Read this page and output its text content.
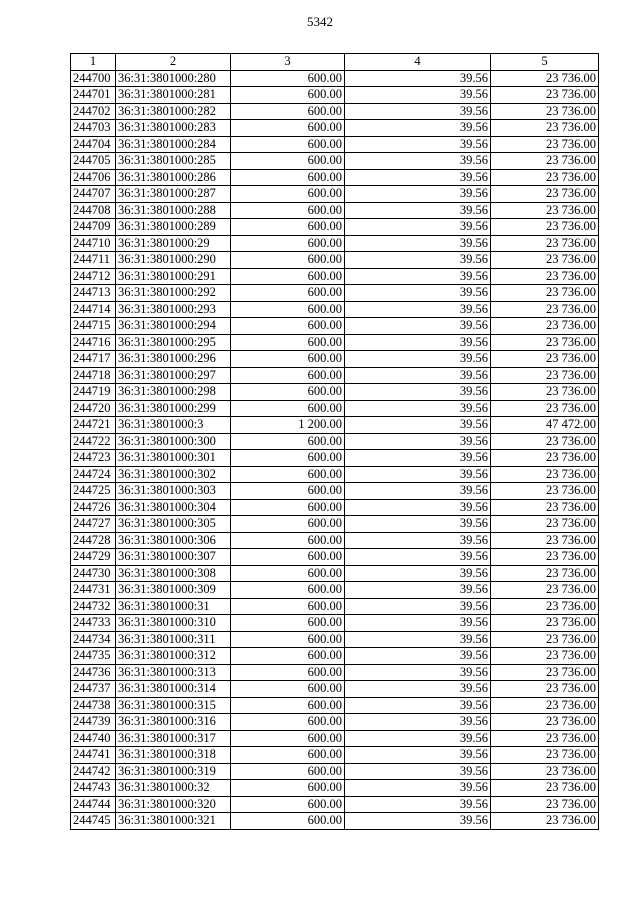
5342
1	2	3	4	5
244700	36:31:3801000:280	600.00	39.56	23 736.00
244701	36:31:3801000:281	600.00	39.56	23 736.00
244702	36:31:3801000:282	600.00	39.56	23 736.00
244703	36:31:3801000:283	600.00	39.56	23 736.00
244704	36:31:3801000:284	600.00	39.56	23 736.00
244705	36:31:3801000:285	600.00	39.56	23 736.00
244706	36:31:3801000:286	600.00	39.56	23 736.00
244707	36:31:3801000:287	600.00	39.56	23 736.00
244708	36:31:3801000:288	600.00	39.56	23 736.00
244709	36:31:3801000:289	600.00	39.56	23 736.00
244710	36:31:3801000:29	600.00	39.56	23 736.00
244711	36:31:3801000:290	600.00	39.56	23 736.00
244712	36:31:3801000:291	600.00	39.56	23 736.00
244713	36:31:3801000:292	600.00	39.56	23 736.00
244714	36:31:3801000:293	600.00	39.56	23 736.00
244715	36:31:3801000:294	600.00	39.56	23 736.00
244716	36:31:3801000:295	600.00	39.56	23 736.00
244717	36:31:3801000:296	600.00	39.56	23 736.00
244718	36:31:3801000:297	600.00	39.56	23 736.00
244719	36:31:3801000:298	600.00	39.56	23 736.00
244720	36:31:3801000:299	600.00	39.56	23 736.00
244721	36:31:3801000:3	1 200.00	39.56	47 472.00
244722	36:31:3801000:300	600.00	39.56	23 736.00
244723	36:31:3801000:301	600.00	39.56	23 736.00
244724	36:31:3801000:302	600.00	39.56	23 736.00
244725	36:31:3801000:303	600.00	39.56	23 736.00
244726	36:31:3801000:304	600.00	39.56	23 736.00
244727	36:31:3801000:305	600.00	39.56	23 736.00
244728	36:31:3801000:306	600.00	39.56	23 736.00
244729	36:31:3801000:307	600.00	39.56	23 736.00
244730	36:31:3801000:308	600.00	39.56	23 736.00
244731	36:31:3801000:309	600.00	39.56	23 736.00
244732	36:31:3801000:31	600.00	39.56	23 736.00
244733	36:31:3801000:310	600.00	39.56	23 736.00
244734	36:31:3801000:311	600.00	39.56	23 736.00
244735	36:31:3801000:312	600.00	39.56	23 736.00
244736	36:31:3801000:313	600.00	39.56	23 736.00
244737	36:31:3801000:314	600.00	39.56	23 736.00
244738	36:31:3801000:315	600.00	39.56	23 736.00
244739	36:31:3801000:316	600.00	39.56	23 736.00
244740	36:31:3801000:317	600.00	39.56	23 736.00
244741	36:31:3801000:318	600.00	39.56	23 736.00
244742	36:31:3801000:319	600.00	39.56	23 736.00
244743	36:31:3801000:32	600.00	39.56	23 736.00
244744	36:31:3801000:320	600.00	39.56	23 736.00
244745	36:31:3801000:321	600.00	39.56	23 736.00
